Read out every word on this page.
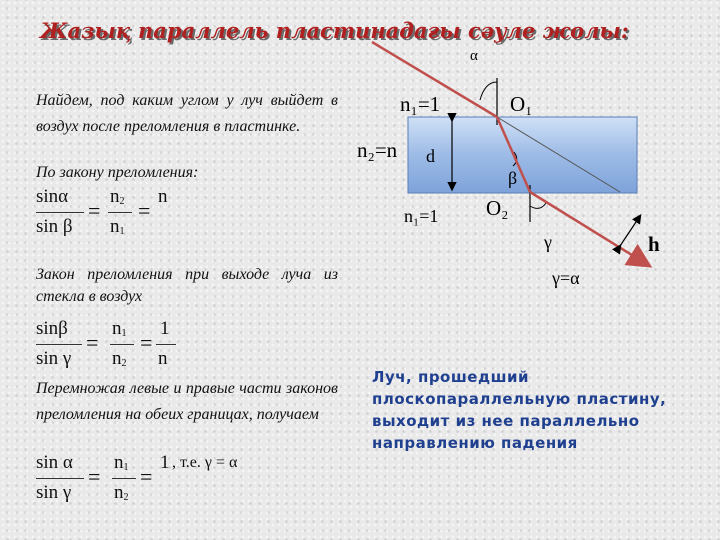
Жазық параллель пластинадағы сәуле жолы:
Найдем, под каким углом у луч выйдет в воздух после преломления в пластинке.
По закону преломления:
sinα
sin β
=
$n_2$
$n_1$
=
n
Закон преломления при выходе луча из стекла в воздух
sinβ
sin γ
=
$n_1$
$n_2$
=
1
n
Перемножая левые и правые части законов преломления на обеих границах, получаем
sin α
sin γ
=
$n_1$
$n_2$
=
1 , т.е. γ = α
α
n₁=1	O₁
n₂=n d
β
O₂
n₁=1
γ	h
γ=α
Луч, прошедший плоскопараллельную пластину, выходит из нее параллельно направлению падения
